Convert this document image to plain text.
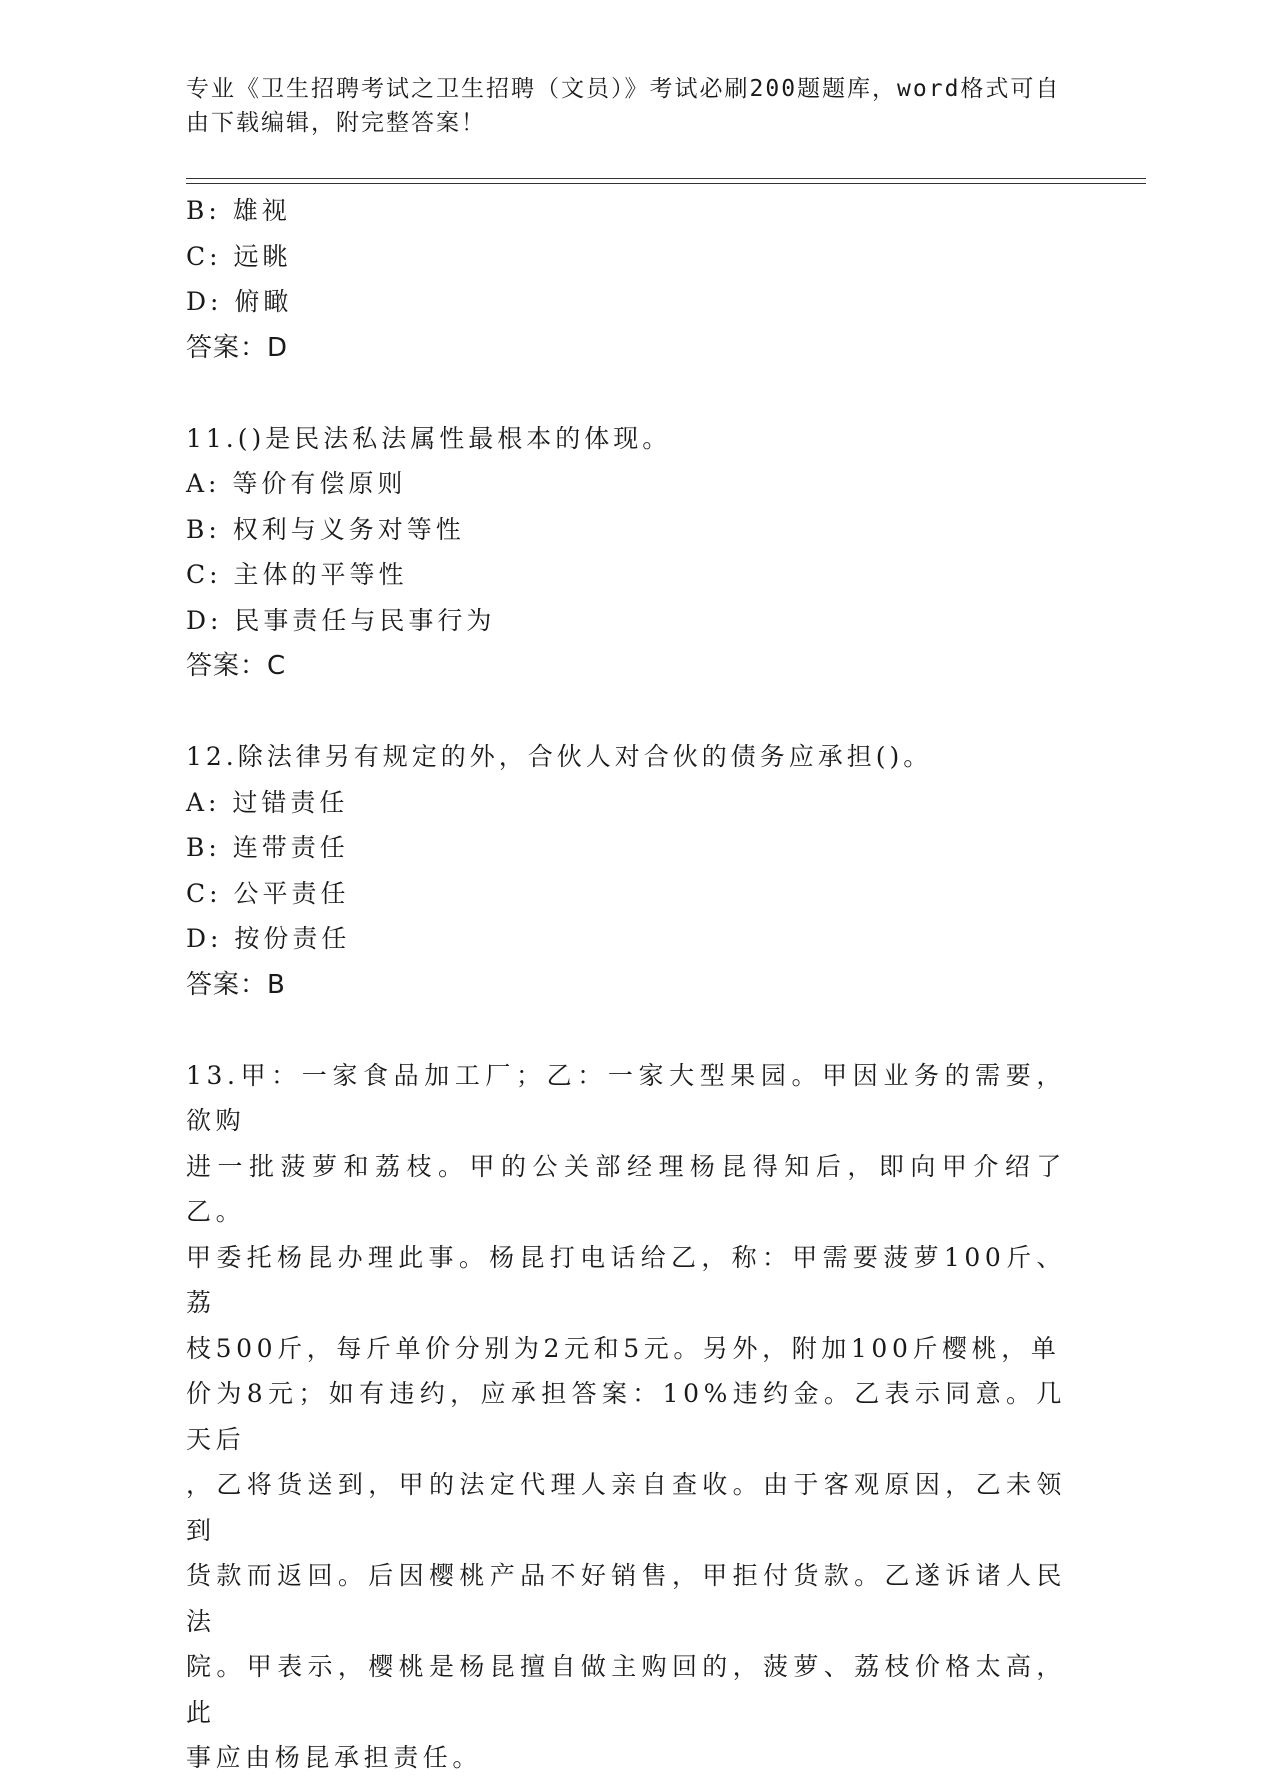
专业《卫生招聘考试之卫生招聘（文员）》考试必刷200题题库，word格式可自
由下载编辑，附完整答案！
B: 雄视
C: 远眺
D: 俯瞰
答案：D
11.()是民法私法属性最根本的体现。
A: 等价有偿原则
B: 权利与义务对等性
C: 主体的平等性
D: 民事责任与民事行为
答案：C
12.除法律另有规定的外，合伙人对合伙的债务应承担()。
A: 过错责任
B: 连带责任
C: 公平责任
D: 按份责任
答案：B
13.甲：一家食品加工厂；乙：一家大型果园。甲因业务的需要，欲购
进一批菠萝和荔枝。甲的公关部经理杨昆得知后，即向甲介绍了乙。
甲委托杨昆办理此事。杨昆打电话给乙，称：甲需要菠萝100斤、荔
枝500斤，每斤单价分别为2元和5元。另外，附加100斤樱桃，单
价为8元；如有违约，应承担答案：10%违约金。乙表示同意。几天后
，乙将货送到，甲的法定代理人亲自查收。由于客观原因，乙未领到
货款而返回。后因樱桃产品不好销售，甲拒付货款。乙遂诉诸人民法
院。甲表示，樱桃是杨昆擅自做主购回的，菠萝、荔枝价格太高，此
事应由杨昆承担责任。
